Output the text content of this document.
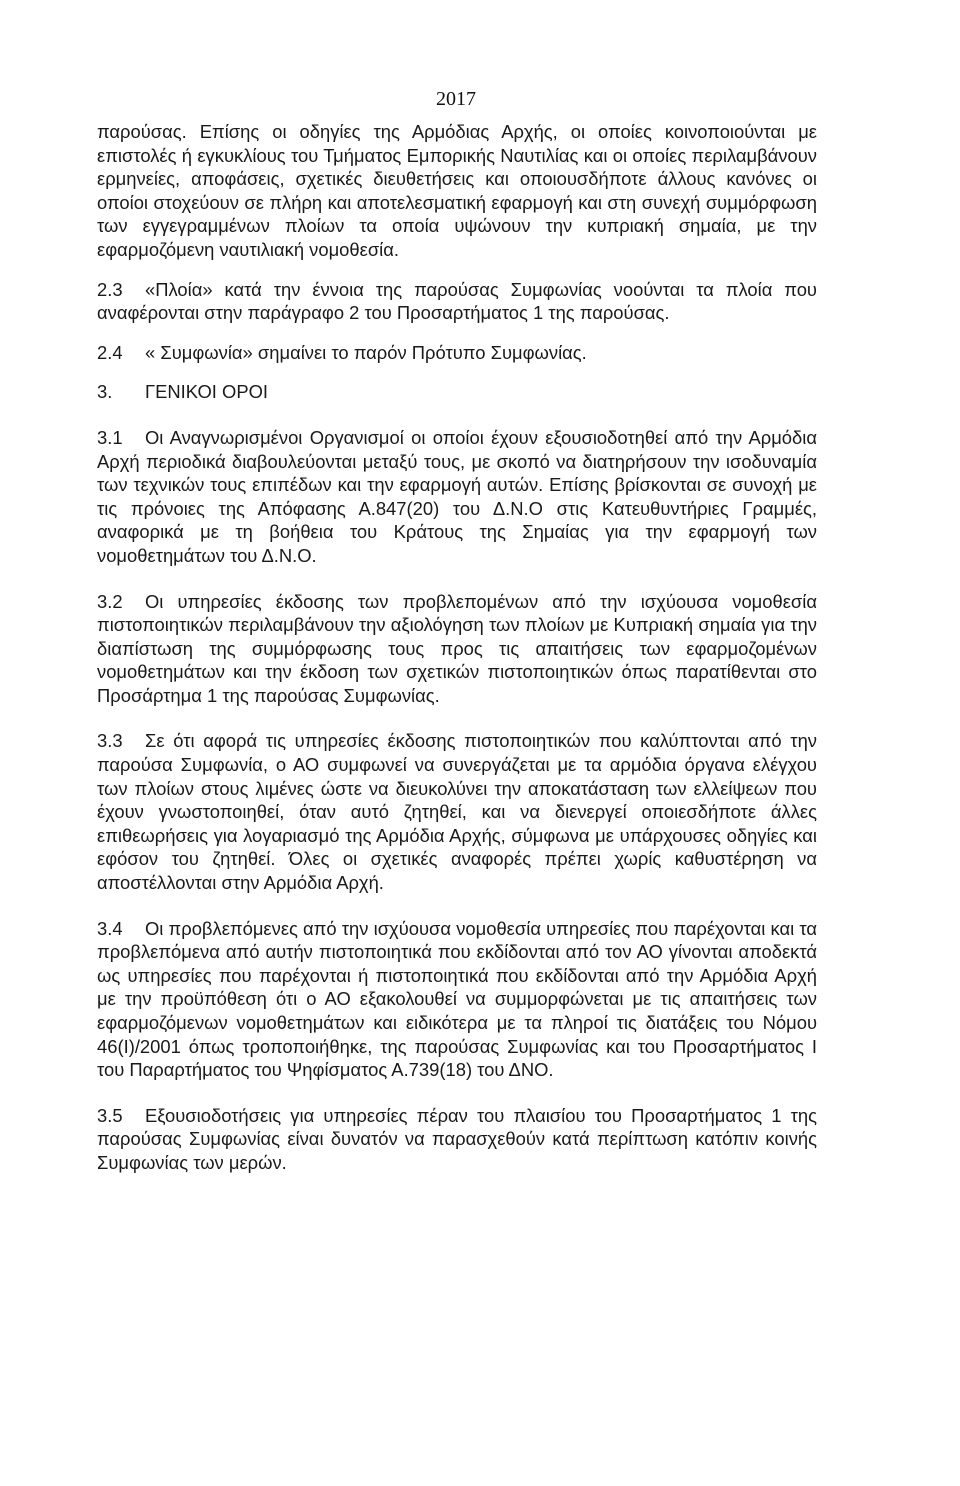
2017

παρούσας. Επίσης οι οδηγίες της Αρμόδιας Αρχής, οι οποίες κοινοποιούνται με επιστολές ή εγκυκλίους του Τμήματος Εμπορικής Ναυτιλίας και οι οποίες περιλαμβάνουν ερμηνείες, αποφάσεις, σχετικές διευθετήσεις και οποιουσδήποτε άλλους κανόνες οι οποίοι στοχεύουν σε πλήρη και αποτελεσματική εφαρμογή και στη συνεχή συμμόρφωση των εγγεγραμμένων πλοίων τα οποία υψώνουν την κυπριακή σημαία, με την εφαρμοζόμενη ναυτιλιακή νομοθεσία.

2.3 «Πλοία» κατά την έννοια της παρούσας Συμφωνίας νοούνται τα πλοία που αναφέρονται στην παράγραφο 2 του Προσαρτήματος 1 της παρούσας.

2.4	« Συμφωνία» σημαίνει το παρόν Πρότυπο Συμφωνίας.
3.	ΓΕΝΙΚΟΙ ΟΡΟΙ

3.1 Οι Αναγνωρισμένοι Οργανισμοί οι οποίοι έχουν εξουσιοδοτηθεί από την Αρμόδια Αρχή περιοδικά διαβουλεύονται μεταξύ τους, με σκοπό να διατηρήσουν την ισοδυναμία των τεχνικών τους επιπέδων και την εφαρμογή αυτών. Επίσης βρίσκονται σε συνοχή με τις πρόνοιες της Απόφασης Α.847(20) του Δ.Ν.Ο στις Κατευθυντήριες Γραμμές, αναφορικά με τη βοήθεια του Κράτους της Σημαίας για την εφαρμογή των νομοθετημάτων του Δ.Ν.Ο.

3.2 Οι υπηρεσίες έκδοσης των προβλεπομένων από την ισχύουσα νομοθεσία πιστοποιητικών περιλαμβάνουν την αξιολόγηση των πλοίων με Κυπριακή σημαία για την διαπίστωση της συμμόρφωσης τους προς τις απαιτήσεις των εφαρμοζομένων νομοθετημάτων και την έκδοση των σχετικών πιστοποιητικών όπως παρατίθενται στο Προσάρτημα 1 της παρούσας Συμφωνίας.

3.3 Σε ότι αφορά τις υπηρεσίες έκδοσης πιστοποιητικών που καλύπτονται από την παρούσα Συμφωνία, ο ΑΟ συμφωνεί να συνεργάζεται με τα αρμόδια όργανα ελέγχου των πλοίων στους λιμένες ώστε να διευκολύνει την αποκατάσταση των ελλείψεων που έχουν γνωστοποιηθεί, όταν αυτό ζητηθεί, και να διενεργεί οποιεσδήποτε άλλες επιθεωρήσεις για λογαριασμό της Αρμόδια Αρχής, σύμφωνα με υπάρχουσες οδηγίες και εφόσον του ζητηθεί. Όλες οι σχετικές αναφορές πρέπει χωρίς καθυστέρηση να αποστέλλονται στην Αρμόδια Αρχή.

3.4 Οι προβλεπόμενες από την ισχύουσα νομοθεσία υπηρεσίες που παρέχονται και τα προβλεπόμενα από αυτήν πιστοποιητικά που εκδίδονται από τον ΑΟ γίνονται αποδεκτά ως υπηρεσίες που παρέχονται ή πιστοποιητικά που εκδίδονται από την Αρμόδια Αρχή με την προϋπόθεση ότι ο ΑΟ εξακολουθεί να συμμορφώνεται με τις απαιτήσεις των εφαρμοζόμενων νομοθετημάτων και ειδικότερα με τα πληροί τις διατάξεις του Νόμου 46(Ι)/2001 όπως τροποποιήθηκε, της παρούσας Συμφωνίας και του Προσαρτήματος Ι του Παραρτήματος του Ψηφίσματος Α.739(18) του ΔΝΟ.

3.5 Εξουσιοδοτήσεις για υπηρεσίες πέραν του πλαισίου του Προσαρτήματος 1 της παρούσας Συμφωνίας είναι δυνατόν να παρασχεθούν κατά περίπτωση κατόπιν κοινής Συμφωνίας των μερών.
